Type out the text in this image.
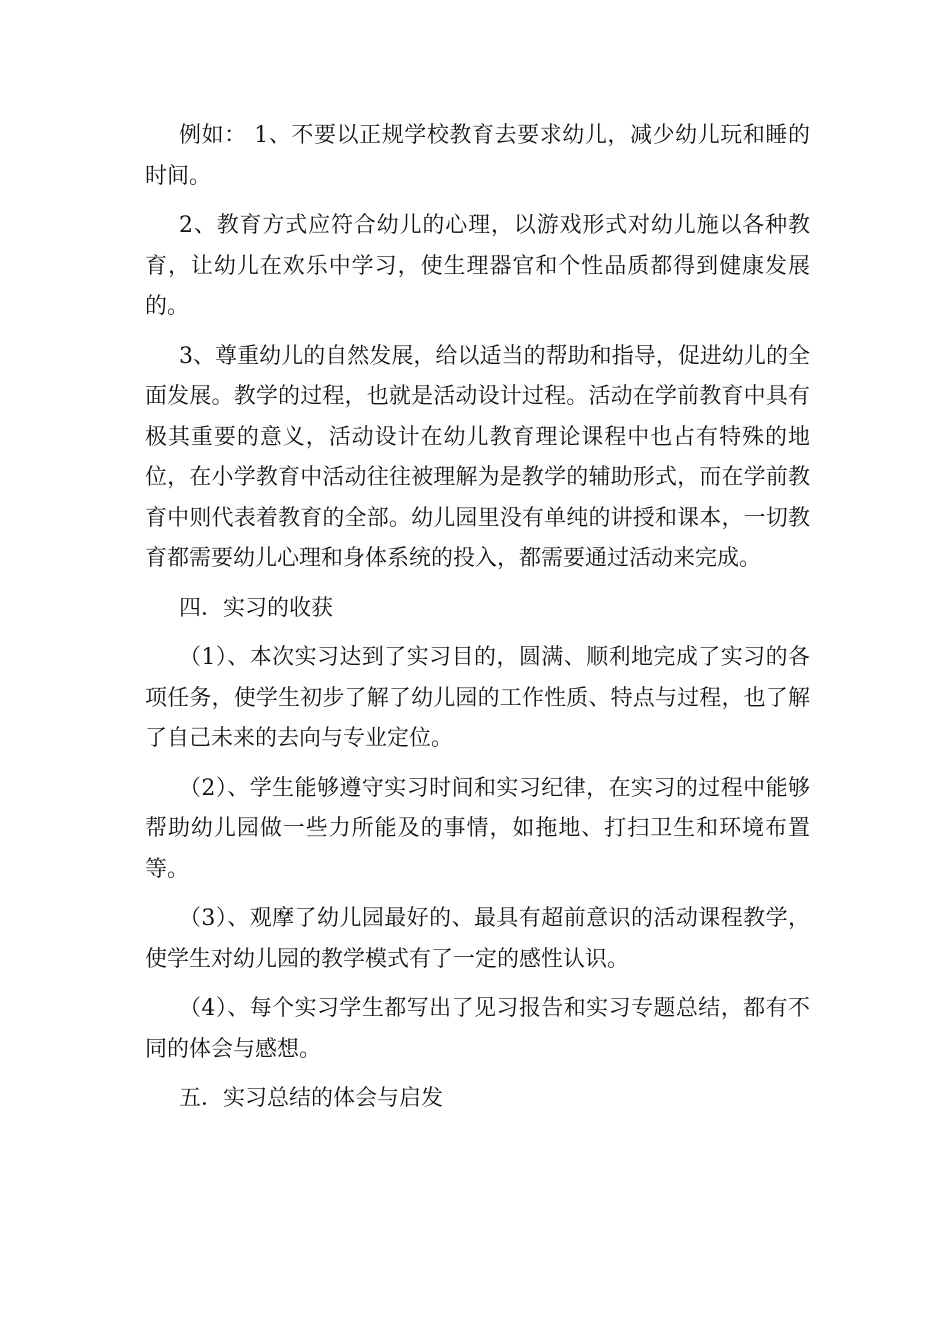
例如： 1、不要以正规学校教育去要求幼儿，减少幼儿玩和睡的时间。

2、教育方式应符合幼儿的心理，以游戏形式对幼儿施以各种教育，让幼儿在欢乐中学习，使生理器官和个性品质都得到健康发展的。

3、尊重幼儿的自然发展，给以适当的帮助和指导，促进幼儿的全面发展。教学的过程，也就是活动设计过程。活动在学前教育中具有极其重要的意义，活动设计在幼儿教育理论课程中也占有特殊的地位，在小学教育中活动往往被理解为是教学的辅助形式，而在学前教育中则代表着教育的全部。幼儿园里没有单纯的讲授和课本，一切教育都需要幼儿心理和身体系统的投入，都需要通过活动来完成。

四．实习的收获

（1）、本次实习达到了实习目的，圆满、顺利地完成了实习的各项任务，使学生初步了解了幼儿园的工作性质、特点与过程，也了解了自己未来的去向与专业定位。

（2）、学生能够遵守实习时间和实习纪律，在实习的过程中能够帮助幼儿园做一些力所能及的事情，如拖地、打扫卫生和环境布置等。

（3）、观摩了幼儿园最好的、最具有超前意识的活动课程教学，使学生对幼儿园的教学模式有了一定的感性认识。

（4）、每个实习学生都写出了见习报告和实习专题总结，都有不同的体会与感想。

五．实习总结的体会与启发
